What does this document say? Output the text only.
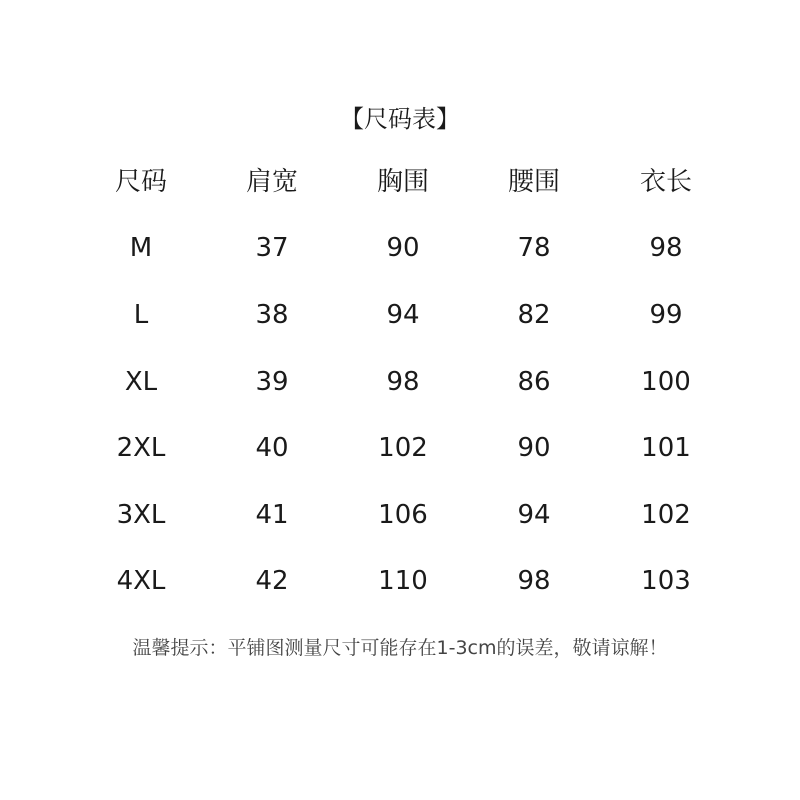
【尺码表】
尺码	肩宽	胸围	腰围	衣长
M	37	90	78	98
L	38	94	82	99
XL	39	98	86	100
2XL	40	102	90	101
3XL	41	106	94	102
4XL	42	110	98	103
温馨提示：平铺图测量尺寸可能存在1-3cm的误差，敬请谅解！
